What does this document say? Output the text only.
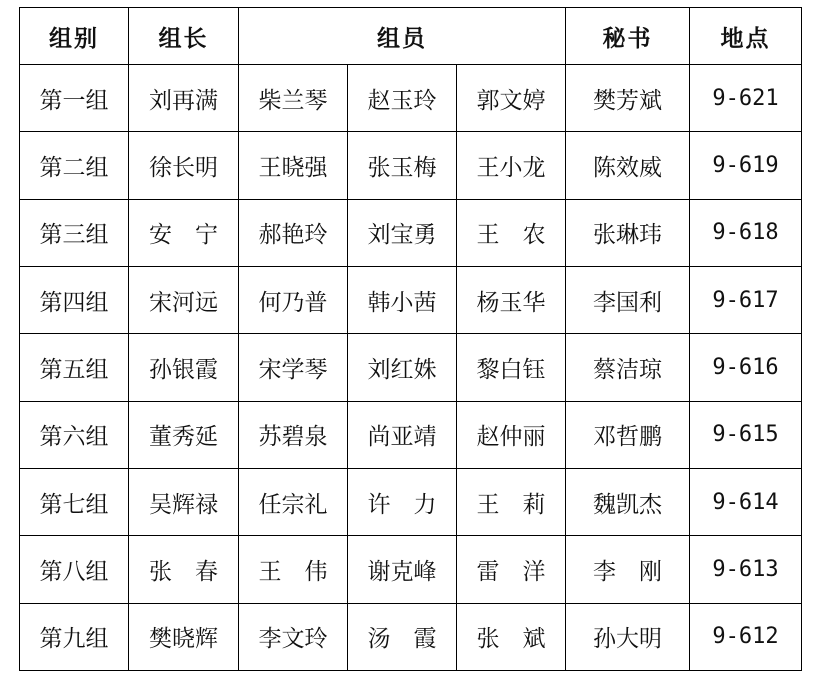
组别	组长	组员			秘书	地点
第一组	刘再满	柴兰琴	赵玉玲	郭文婷	樊芳斌	9-621
第二组	徐长明	王晓强	张玉梅	王小龙	陈效威	9-619
第三组	安　宁	郝艳玲	刘宝勇	王　农	张琳玮	9-618
第四组	宋河远	何乃普	韩小茜	杨玉华	李国利	9-617
第五组	孙银霞	宋学琴	刘红姝	黎白钰	蔡洁琼	9-616
第六组	董秀延	苏碧泉	尚亚靖	赵仲丽	邓哲鹏	9-615
第七组	吴辉禄	任宗礼	许　力	王　莉	魏凯杰	9-614
第八组	张　春	王　伟	谢克峰	雷　洋	李　刚	9-613
第九组	樊晓辉	李文玲	汤　霞	张　斌	孙大明	9-612
